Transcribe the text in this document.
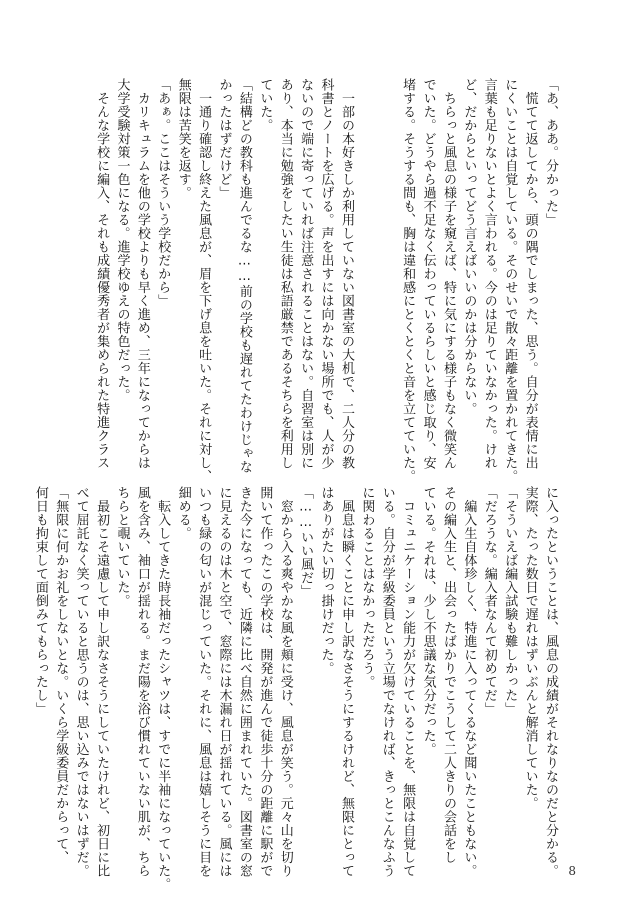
「あ、ああ。分かった」
　慌てて返してから、頭の隅でしまった、思う。自分が表情に出
にくいことは自覚している。そのせいで散々距離を置かれてきた。
言葉も足りないとよく言われる。今のは足りていなかった。けれ
ど、だからといってどう言えばいいのかは分からない。
　ちらっと風息の様子を窺えば、特に気にする様子もなく微笑ん
でいた。どうやら過不足なく伝わっているらしいと感じ取り、安
堵する。そうする間も、胸は違和感にとくとくと音を立てていた。

　一部の本好きしか利用していない図書室の大机で、二人分の教
科書とノートを広げる。声を出すには向かない場所でも、人が少
ないので端に寄っていれば注意されることはない。自習室は別に
あり、本当に勉強をしたい生徒は私語厳禁であるそちらを利用し
ていた。
「結構どの教科も進んでるな……前の学校も遅れてたわけじゃな
かったはずだけど」
　一通り確認し終えた風息が、眉を下げ息を吐いた。それに対し、
無限は苦笑を返す。
「あぁ。ここはそういう学校だから」
　カリキュラムを他の学校よりも早く進め、三年になってからは
大学受験対策一色になる。進学校ゆえの特色だった。
　そんな学校に編入、それも成績優秀者が集められた特進クラス
に入ったということは、風息の成績がそれなりなのだと分かる。
実際、たった数日で遅れはずいぶんと解消していた。
「そういえば編入試験も難しかった」
「だろうな。編入者なんて初めてだ」
　編入生自体珍しく、特進に入ってくるなど聞いたこともない。
その編入生と、出会ったばかりでこうして二人きりの会話をし
ている。それは、少し不思議な気分だった。
　コミュニケーション能力が欠けていることを、無限は自覚して
いる。自分が学級委員という立場でなければ、きっとこんなふう
に関わることはなかっただろう。
　風息は瞬くことに申し訳なさそうにするけれど、無限にとって
はありがたい切っ掛けだった。
「……いい風だ」
　窓から入る爽やかな風を頬に受け、風息が笑う。元々山を切り
開いて作ったこの学校は、開発が進んで徒歩十分の距離に駅がで
きた今になっても、近隣に比べ自然に囲まれていた。図書室の窓
に見えるのは木と空で、窓際には木漏れ日が揺れている。風には
いつも緑の匂いが混じっていた。それに、風息は嬉しそうに目を
細める。
　転入してきた時長袖だったシャツは、すでに半袖になっていた。
風を含み、袖口が揺れる。まだ陽を浴び慣れていない肌が、ちら
ちらと覗いていた。
　最初こそ遠慮して申し訳なさそうにしていたけれど、初日に比
べて屈託なく笑っていると思うのは、思い込みではないはずだ。
「無限に何かお礼をしないとな。いくら学級委員だからって、
何日も拘束して面倒みてもらったし」
8
